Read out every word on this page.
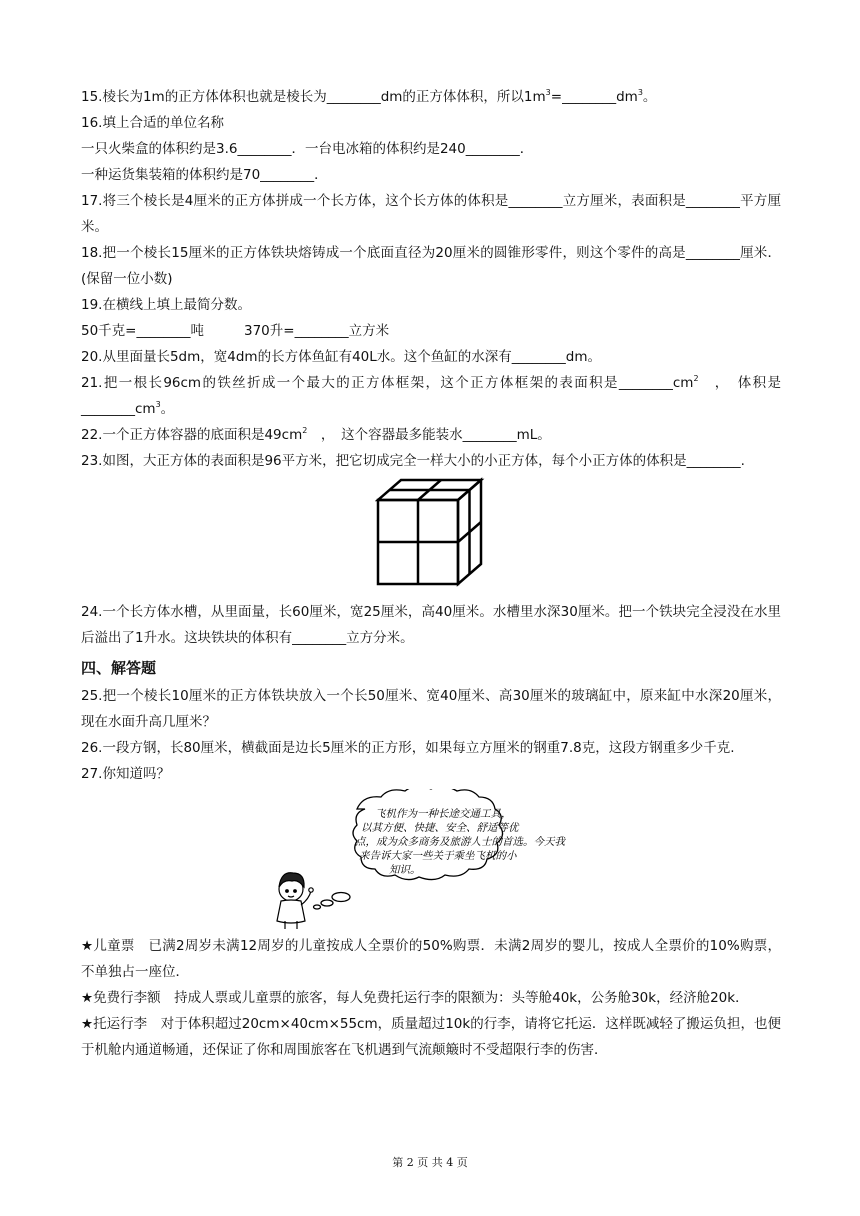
15.棱长为1m的正方体体积也就是棱长为________dm的正方体体积，所以$1m^3=\_\_\_\_\_\_\_\_dm^3$。
16.填上合适的单位名称
一只火柴盒的体积约是3.6________．一台电冰箱的体积约是240________．
一种运货集装箱的体积约是70________．
17.将三个棱长是4厘米的正方体拼成一个长方体，这个长方体的体积是________立方厘米，表面积是________平方厘米。
18.把一个棱长15厘米的正方体铁块熔铸成一个底面直径为20厘米的圆锥形零件，则这个零件的高是________厘米．(保留一位小数)
19.在横线上填上最简分数。
50千克=________吨	370升=________立方米
20.从里面量长5dm，宽4dm的长方体鱼缸有40L水。这个鱼缸的水深有________dm。
21.把一根长96cm的铁丝折成一个最大的正方体框架，这个正方体框架的表面积是$\_\_\_\_\_\_\_\_cm^2$　，　体积是$\_\_\_\_\_\_\_\_cm^3$。
22.一个正方体容器的底面积是$49cm^2$　，　这个容器最多能装水________mL。
23.如图，大正方体的表面积是96平方米，把它切成完全一样大小的小正方体，每个小正方体的体积是________.
24.一个长方体水槽，从里面量，长60厘米，宽25厘米，高40厘米。水槽里水深30厘米。把一个铁块完全浸没在水里后溢出了1升水。这块铁块的体积有________立方分米。
四、解答题
25.把一个棱长10厘米的正方体铁块放入一个长50厘米、宽40厘米、高30厘米的玻璃缸中，原来缸中水深20厘米，现在水面升高几厘米？
26.一段方钢，长80厘米，横截面是边长5厘米的正方形，如果每立方厘米的钢重7.8克，这段方钢重多少千克.
27.你知道吗？
飞机作为一种长途交通工具，
以其方便、快捷、安全、舒适等优
点，成为众多商务及旅游人士的首选。今天我
来告诉大家一些关于乘坐飞机的小
知识。
★儿童票　已满2周岁未满12周岁的儿童按成人全票价的50%购票．未满2周岁的婴儿，按成人全票价的10%购票，不单独占一座位．
★免费行李额　持成人票或儿童票的旅客，每人免费托运行李的限额为：头等舱40k，公务舱30k，经济舱20k．
★托运行李　对于体积超过20cm×40cm×55cm，质量超过10k的行李，请将它托运．这样既减轻了搬运负担，也便于机舱内通道畅通，还保证了你和周围旅客在飞机遇到气流颠簸时不受超限行李的伤害．
第 2 页 共 4 页
